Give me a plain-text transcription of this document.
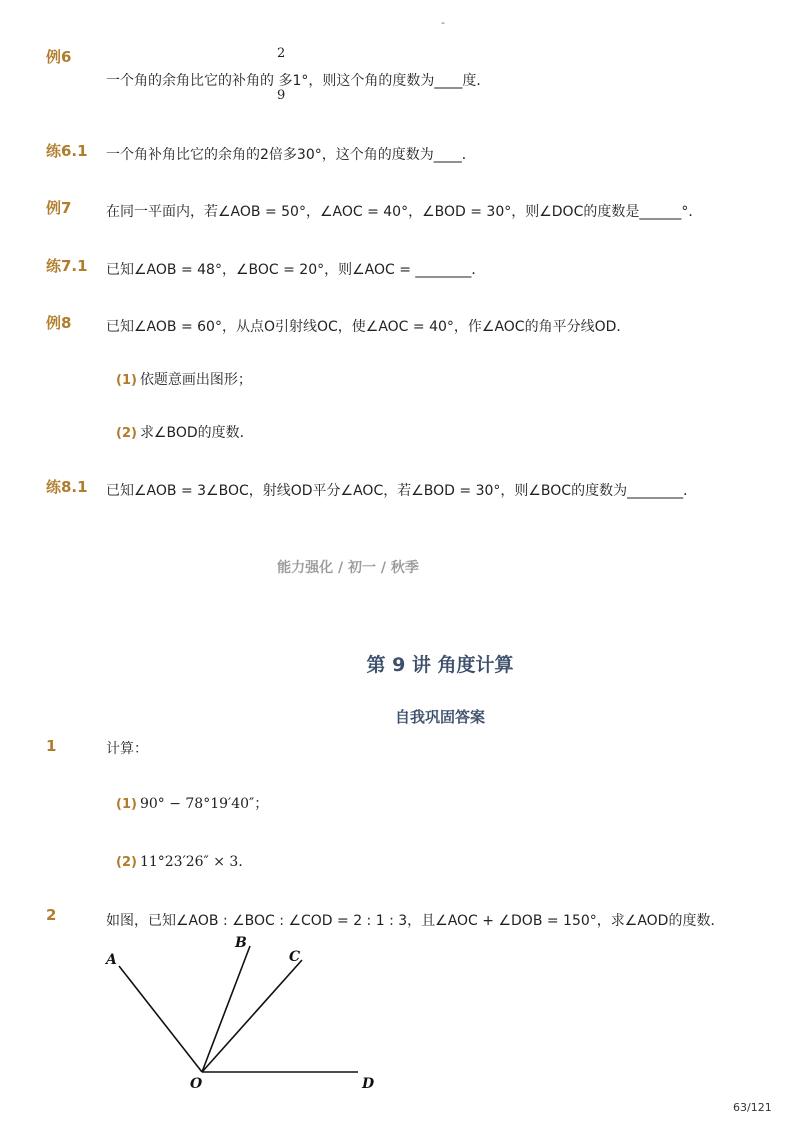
-
例6	2
9
一个角的余角比它的补角的 多1°，则这个角的度数为____度．
练6.1 一个角补角比它的余角的2倍多30°，这个角的度数为____．
例7 在同一平面内，若∠AOB = 50°，∠AOC = 40°，∠BOD = 30°，则∠DOC的度数是______°．
练7.1 已知∠AOB = 48°，∠BOC = 20°，则∠AOC = ________．
例8 已知∠AOB = 60°，从点O引射线OC，使∠AOC = 40°，作∠AOC的角平分线OD．
(1) 依题意画出图形；
(2) 求∠BOD的度数．
练8.1 已知∠AOB = 3∠BOC，射线OD平分∠AOC，若∠BOD = 30°，则∠BOC的度数为________．
能力强化 / 初一 / 秋季
第 9 讲 角度计算
自我巩固答案
1	计算：
(1) 90° − 78°19′40″；
(2) 11°23′26″ × 3．
2	如图，已知∠AOB : ∠BOC : ∠COD = 2 : 1 : 3，且∠AOC + ∠DOB = 150°，求∠AOD的度数．
A
B
C
O	D
63/121
